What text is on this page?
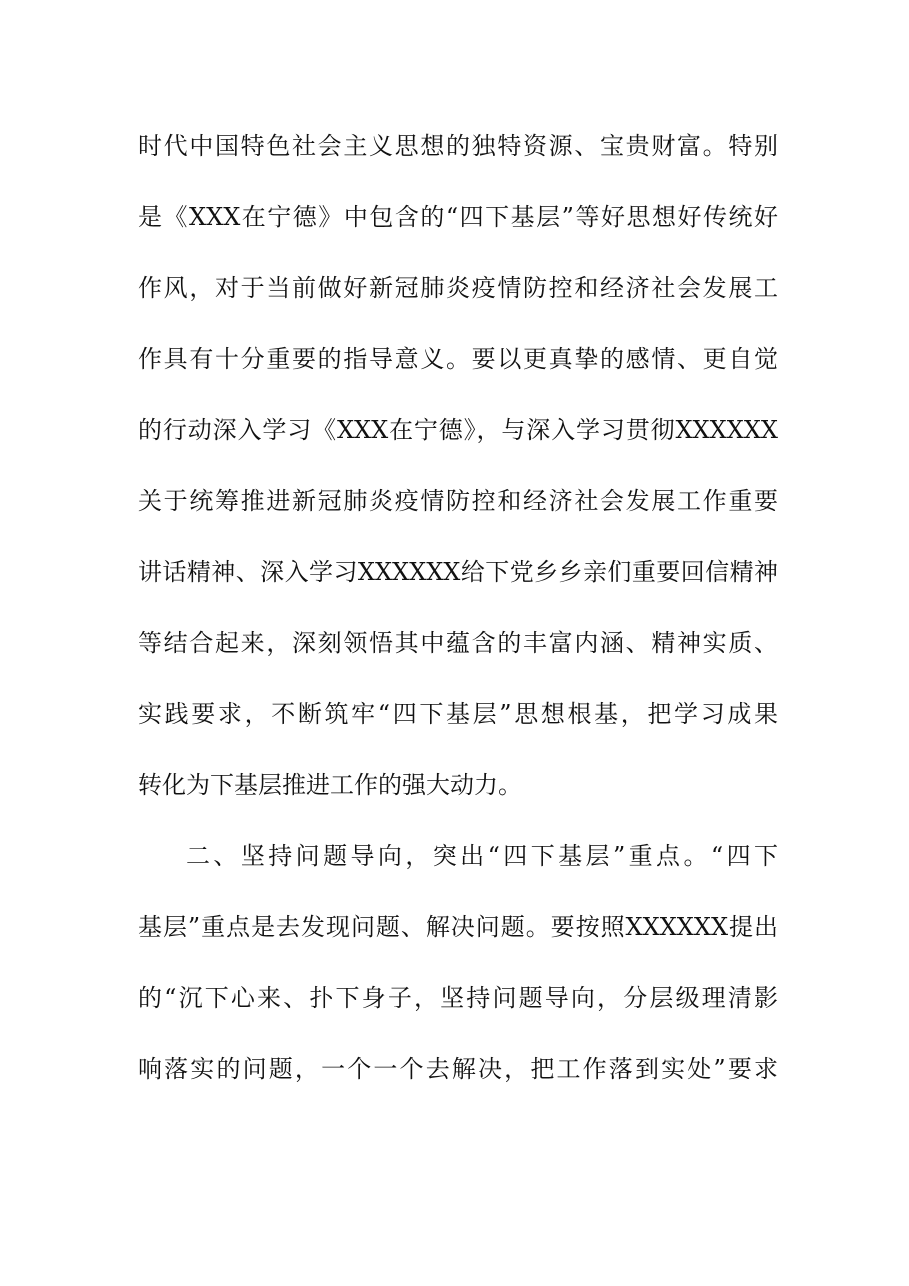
时代中国特色社会主义思想的独特资源、宝贵财富。特别
是《XXX在宁德》中包含的“四下基层”等好思想好传统好
作风，对于当前做好新冠肺炎疫情防控和经济社会发展工
作具有十分重要的指导意义。要以更真挚的感情、更自觉
的行动深入学习《XXX在宁德》，与深入学习贯彻XXXXXX
关于统筹推进新冠肺炎疫情防控和经济社会发展工作重要
讲话精神、深入学习XXXXXX给下党乡乡亲们重要回信精神
等结合起来，深刻领悟其中蕴含的丰富内涵、精神实质、
实践要求，不断筑牢“四下基层”思想根基，把学习成果
转化为下基层推进工作的强大动力。
二、坚持问题导向，突出“四下基层”重点。“四下
基层”重点是去发现问题、解决问题。要按照XXXXXX提出
的“沉下心来、扑下身子，坚持问题导向，分层级理清影
响落实的问题，一个一个去解决，把工作落到实处”要求
